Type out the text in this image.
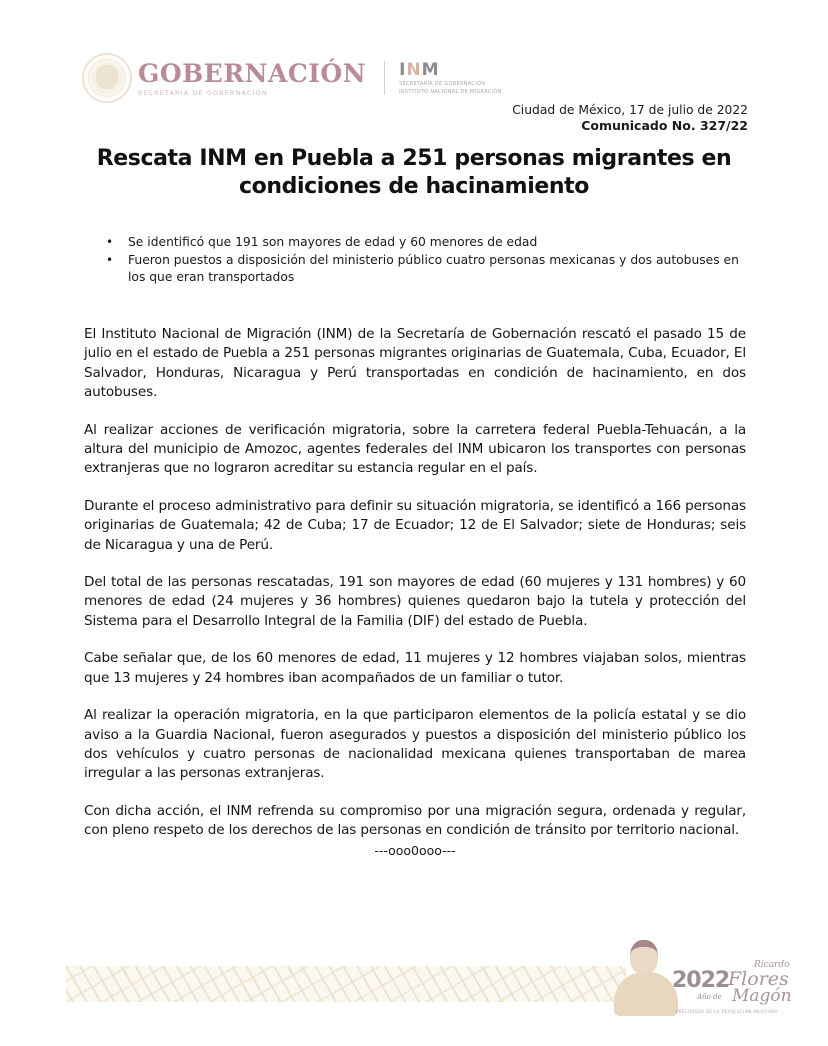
GOBERNACIÓN
SECRETARÍA DE GOBERNACIÓN
INM
SECRETARÍA DE GOBERNACIÓN
INSTITUTO NACIONAL DE MIGRACIÓN
Ciudad de México, 17 de julio de 2022
Comunicado No. 327/22
Rescata INM en Puebla a 251 personas migrantes en condiciones de hacinamiento
• Se identificó que 191 son mayores de edad y 60 menores de edad
• Fueron puestos a disposición del ministerio público cuatro personas mexicanas y dos autobuses en los que eran transportados

El Instituto Nacional de Migración (INM) de la Secretaría de Gobernación rescató el pasado 15 de julio en el estado de Puebla a 251 personas migrantes originarias de Guatemala, Cuba, Ecuador, El Salvador, Honduras, Nicaragua y Perú transportadas en condición de hacinamiento, en dos autobuses.

Al realizar acciones de verificación migratoria, sobre la carretera federal Puebla-Tehuacán, a la altura del municipio de Amozoc, agentes federales del INM ubicaron los transportes con personas extranjeras que no lograron acreditar su estancia regular en el país.

Durante el proceso administrativo para definir su situación migratoria, se identificó a 166 personas originarias de Guatemala; 42 de Cuba; 17 de Ecuador; 12 de El Salvador; siete de Honduras; seis de Nicaragua y una de Perú.

Del total de las personas rescatadas, 191 son mayores de edad (60 mujeres y 131 hombres) y 60 menores de edad (24 mujeres y 36 hombres) quienes quedaron bajo la tutela y protección del Sistema para el Desarrollo Integral de la Familia (DIF) del estado de Puebla.

Cabe señalar que, de los 60 menores de edad, 11 mujeres y 12 hombres viajaban solos, mientras que 13 mujeres y 24 hombres iban acompañados de un familiar o tutor.

Al realizar la operación migratoria, en la que participaron elementos de la policía estatal y se dio aviso a la Guardia Nacional, fueron asegurados y puestos a disposición del ministerio público los dos vehículos y cuatro personas de nacionalidad mexicana quienes transportaban de marea irregular a las personas extranjeras.

Con dicha acción, el INM refrenda su compromiso por una migración segura, ordenada y regular, con pleno respeto de los derechos de las personas en condición de tránsito por territorio nacional.

---ooo0ooo---
2022
Año de
Ricardo
Flores
Magón
PRECURSOR DE LA REVOLUCIÓN MEXICANA
